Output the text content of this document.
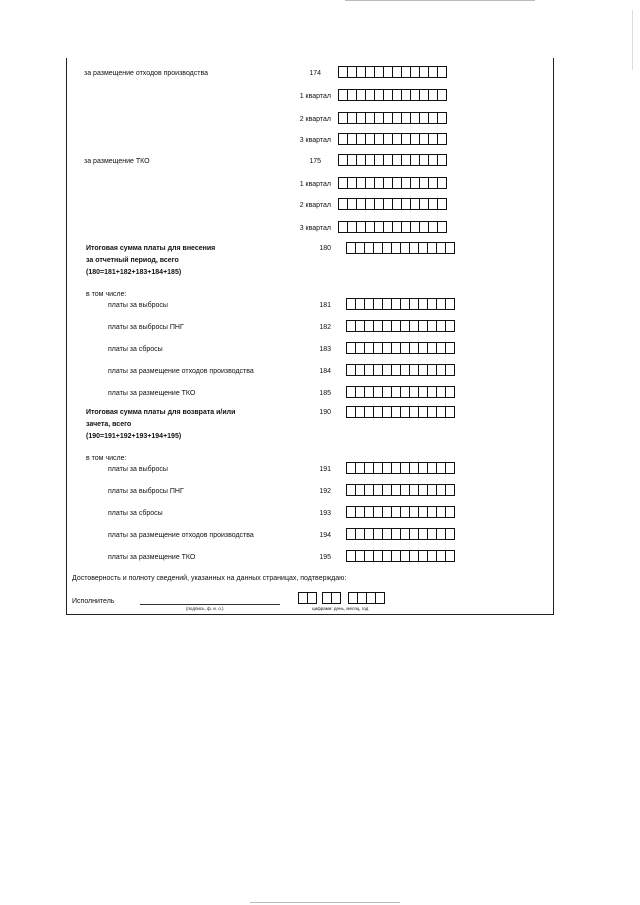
за размещение отходов производства	174
1 квартал
2 квартал
3 квартал
за размещение ТКО	175
1 квартал
2 квартал
3 квартал
Итоговая сумма платы для внесения
за отчетный период, всего
(180=181+182+183+184+185)
180
в том числе:
платы за выбросы	181
платы за выбросы ПНГ	182
платы за сбросы	183
платы за размещение отходов производства	184
платы за размещение ТКО	185
Итоговая сумма платы для возврата и/или
зачета, всего
(190=191+192+193+194+195)
190
в том числе:
платы за выбросы	191
платы за выбросы ПНГ	192
платы за сбросы	193
платы за размещение отходов производства	194
платы за размещение ТКО	195
Достоверность и полноту сведений, указанных на данных страницах, подтверждаю:
Исполнитель
(подпись, ф. и. о.)	цифрами: день, месяц, год
